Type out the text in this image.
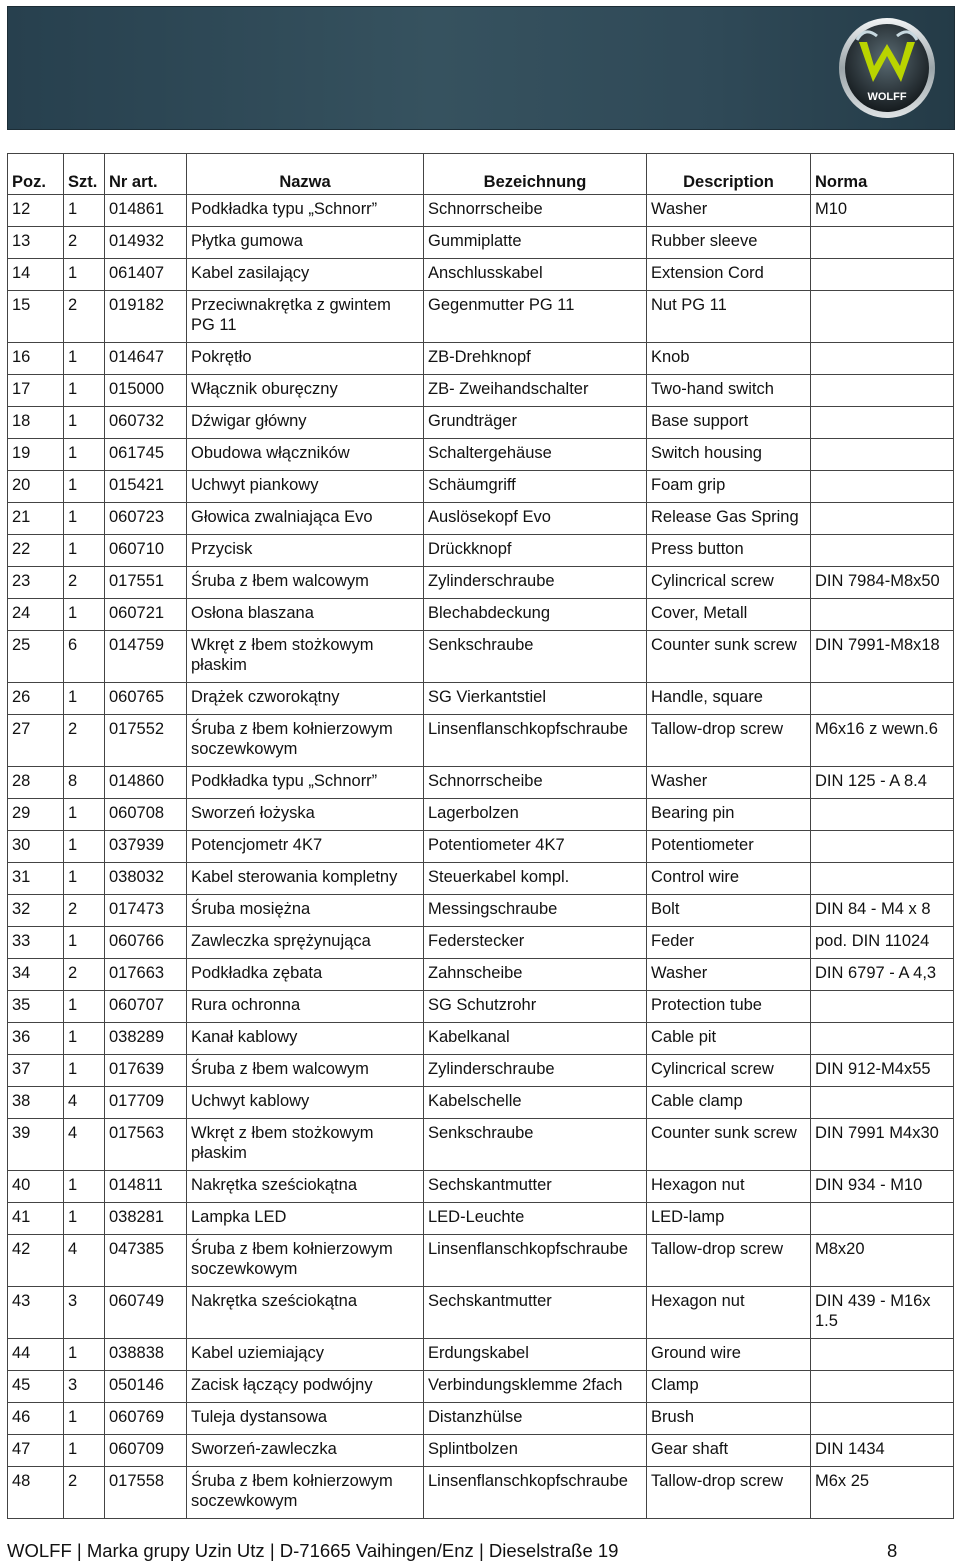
WOLFF
Poz.	Szt.	Nr art.	Nazwa	Bezeichnung	Description	Norma
12	1	014861	Podkładka typu „Schnorr”	Schnorrscheibe	Washer	M10
13	2	014932	Płytka gumowa	Gummiplatte	Rubber sleeve	
14	1	061407	Kabel zasilający	Anschlusskabel	Extension Cord	
15	2	019182	Przeciwnakrętka z gwintem PG 11	Gegenmutter PG 11	Nut PG 11	
16	1	014647	Pokrętło	ZB-Drehknopf	Knob	
17	1	015000	Włącznik oburęczny	ZB- Zweihandschalter	Two-hand switch	
18	1	060732	Dźwigar główny	Grundträger	Base support	
19	1	061745	Obudowa włączników	Schaltergehäuse	Switch housing	
20	1	015421	Uchwyt piankowy	Schäumgriff	Foam grip	
21	1	060723	Głowica zwalniająca Evo	Auslösekopf Evo	Release Gas Spring	
22	1	060710	Przycisk	Drückknopf	Press button	
23	2	017551	Śruba z łbem walcowym	Zylinderschraube	Cylincrical screw	DIN 7984-M8x50
24	1	060721	Osłona blaszana	Blechabdeckung	Cover, Metall	
25	6	014759	Wkręt z łbem stożkowym płaskim	Senkschraube	Counter sunk screw	DIN 7991-M8x18
26	1	060765	Drążek czworokątny	SG Vierkantstiel	Handle, square	
27	2	017552	Śruba z łbem kołnierzowym soczewkowym	Linsenflanschkopfschraube	Tallow-drop screw	M6x16 z wewn.6
28	8	014860	Podkładka typu „Schnorr”	Schnorrscheibe	Washer	DIN 125 - A 8.4
29	1	060708	Sworzeń łożyska	Lagerbolzen	Bearing pin	
30	1	037939	Potencjometr 4K7	Potentiometer 4K7	Potentiometer	
31	1	038032	Kabel sterowania kompletny	Steuerkabel kompl.	Control wire	
32	2	017473	Śruba mosiężna	Messingschraube	Bolt	DIN 84 - M4 x 8
33	1	060766	Zawleczka sprężynująca	Federstecker	Feder	pod. DIN 11024
34	2	017663	Podkładka zębata	Zahnscheibe	Washer	DIN 6797 - A 4,3
35	1	060707	Rura ochronna	SG Schutzrohr	Protection tube	
36	1	038289	Kanał kablowy	Kabelkanal	Cable pit	
37	1	017639	Śruba z łbem walcowym	Zylinderschraube	Cylincrical screw	DIN 912-M4x55
38	4	017709	Uchwyt kablowy	Kabelschelle	Cable clamp	
39	4	017563	Wkręt z łbem stożkowym płaskim	Senkschraube	Counter sunk screw	DIN 7991 M4x30
40	1	014811	Nakrętka sześciokątna	Sechskantmutter	Hexagon nut	DIN 934 - M10
41	1	038281	Lampka LED	LED-Leuchte	LED-lamp	
42	4	047385	Śruba z łbem kołnierzowym soczewkowym	Linsenflanschkopfschraube	Tallow-drop screw	M8x20
43	3	060749	Nakrętka sześciokątna	Sechskantmutter	Hexagon nut	DIN 439 - M16x 1.5
44	1	038838	Kabel uziemiający	Erdungskabel	Ground wire	
45	3	050146	Zacisk łączący podwójny	Verbindungsklemme 2fach	Clamp	
46	1	060769	Tuleja dystansowa	Distanzhülse	Brush	
47	1	060709	Sworzeń-zawleczka	Splintbolzen	Gear shaft	DIN 1434
48	2	017558	Śruba z łbem kołnierzowym soczewkowym	Linsenflanschkopfschraube	Tallow-drop screw	M6x 25
WOLFF | Marka grupy Uzin Utz | D-71665 Vaihingen/Enz | Dieselstraße 19	8
